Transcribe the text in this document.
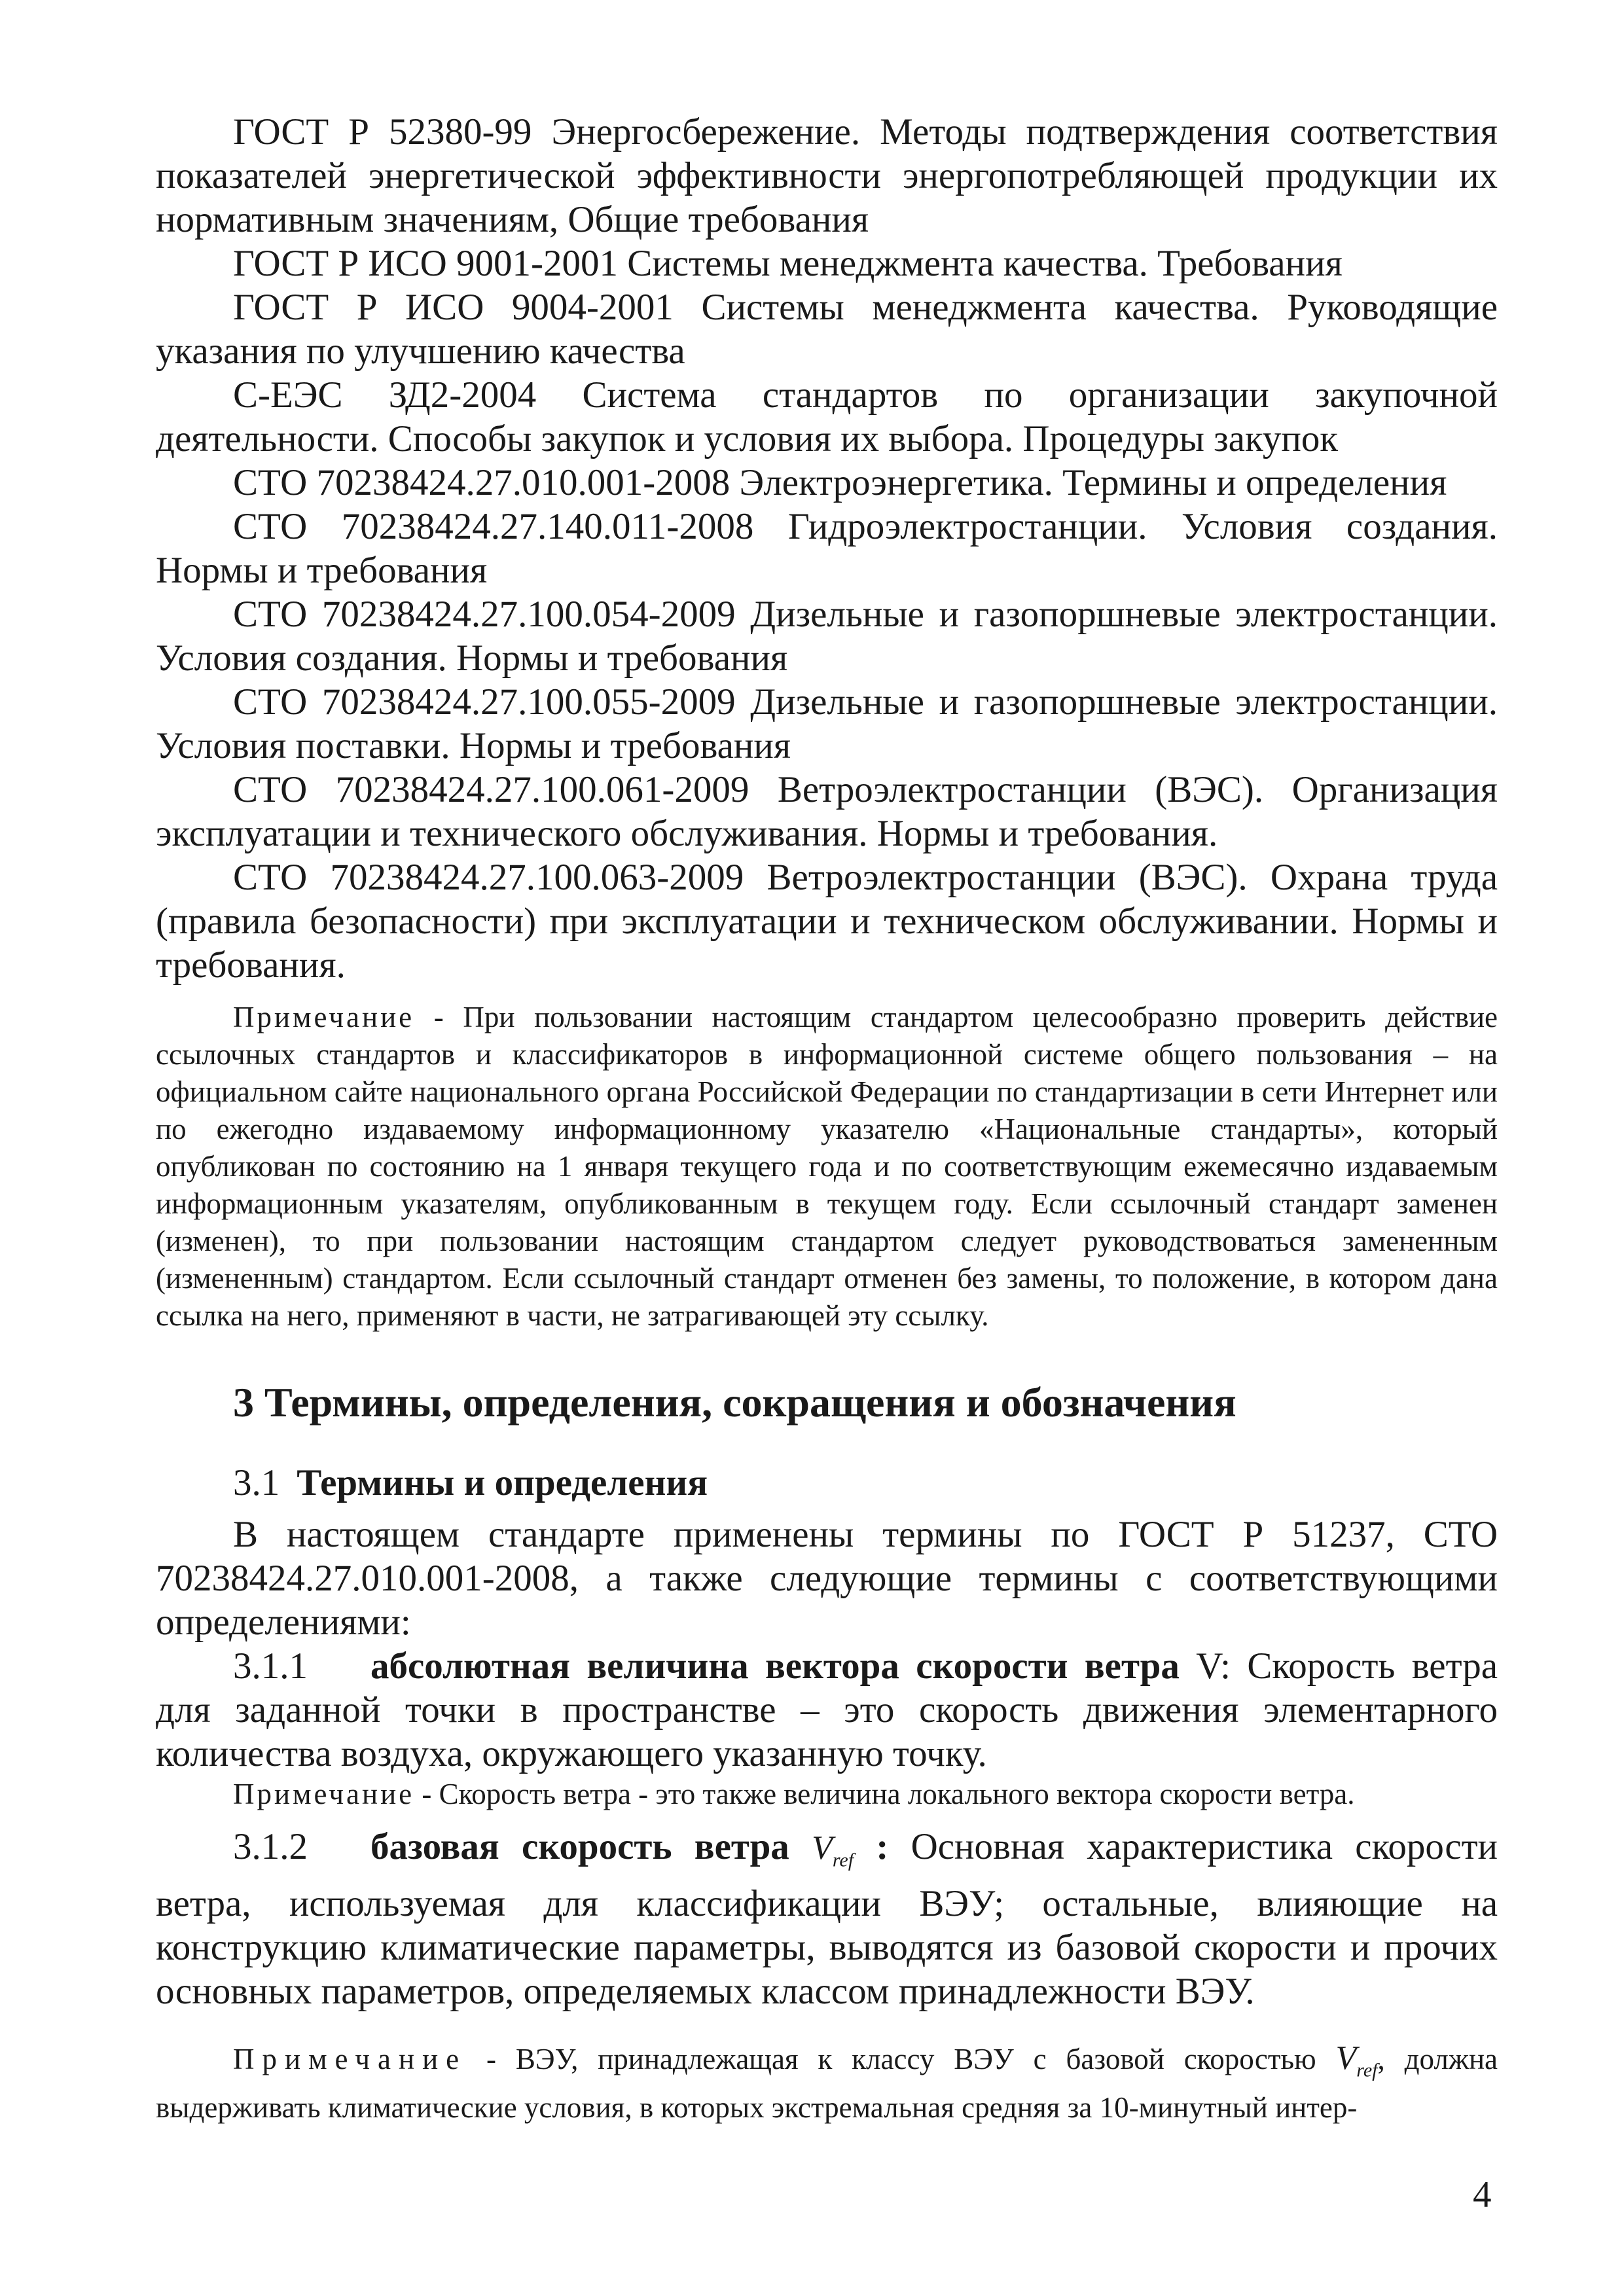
ГОСТ Р 52380-99 Энергосбережение. Методы подтверждения соответствия показателей энергетической эффективности энергопотребляющей продукции их нормативным значениям, Общие требования

ГОСТ Р ИСО 9001-2001 Системы менеджмента качества. Требования

ГОСТ Р ИСО 9004-2001 Системы менеджмента качества. Руководящие указания по улучшению качества

С-ЕЭС ЗД2-2004 Система стандартов по организации закупочной деятельности. Способы закупок и условия их выбора. Процедуры закупок

СТО 70238424.27.010.001-2008 Электроэнергетика. Термины и определения

СТО 70238424.27.140.011-2008 Гидроэлектростанции. Условия создания. Нормы и требования

СТО 70238424.27.100.054-2009 Дизельные и газопоршневые электростанции. Условия создания. Нормы и требования

СТО 70238424.27.100.055-2009 Дизельные и газопоршневые электростанции. Условия поставки. Нормы и требования

СТО 70238424.27.100.061-2009 Ветроэлектростанции (ВЭС). Организация эксплуатации и технического обслуживания. Нормы и требования.

СТО 70238424.27.100.063-2009 Ветроэлектростанции (ВЭС). Охрана труда (правила безопасности) при эксплуатации и техническом обслуживании. Нормы и требования.

Примечание - При пользовании настоящим стандартом целесообразно проверить действие ссылочных стандартов и классификаторов в информационной системе общего пользования – на официальном сайте национального органа Российской Федерации по стандартизации в сети Интернет или по ежегодно издаваемому информационному указателю «Национальные стандарты», который опубликован по состоянию на 1 января текущего года и по соответствующим ежемесячно издаваемым информационным указателям, опубликованным в текущем году. Если ссылочный стандарт заменен (изменен), то при пользовании настоящим стандартом следует руководствоваться замененным (измененным) стандартом. Если ссылочный стандарт отменен без замены, то положение, в котором дана ссылка на него, применяют в части, не затрагивающей эту ссылку.

3 Термины, определения, сокращения и обозначения
3.1 Термины и определения

В настоящем стандарте применены термины по ГОСТ Р 51237, СТО 70238424.27.010.001-2008, а также следующие термины с соответствующими определениями:

3.1.1 абсолютная величина вектора скорости ветра V: Скорость ветра для заданной точки в пространстве – это скорость движения элементарного количества воздуха, окружающего указанную точку.

Примечание - Скорость ветра - это также величина локального вектора скорости ветра.

3.1.2 базовая скорость ветра $V_{ref}$ : Основная характеристика скорости ветра, используемая для классификации ВЭУ; остальные, влияющие на конструкцию климатические параметры, выводятся из базовой скорости и прочих основных параметров, определяемых классом принадлежности ВЭУ.

Примечание - ВЭУ, принадлежащая к классу ВЭУ с базовой скоростью $V_{ref}$, должна выдерживать климатические условия, в которых экстремальная средняя за 10-минутный интер-

4
